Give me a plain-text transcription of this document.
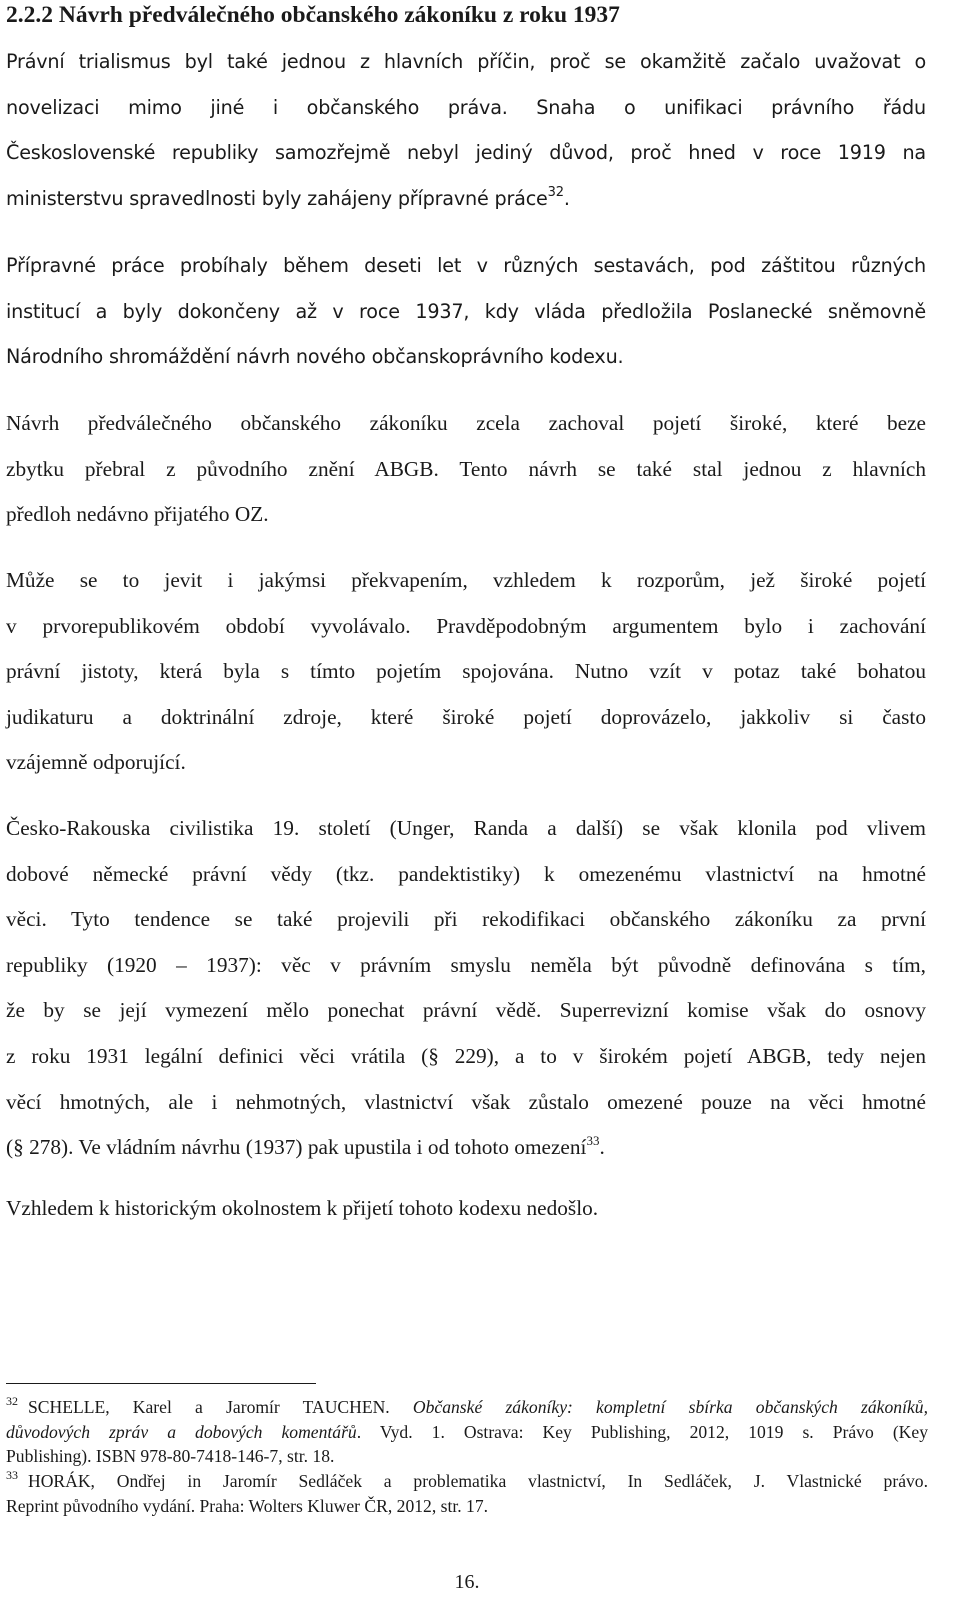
2.2.2 Návrh předválečného občanského zákoníku z roku 1937

Právní trialismus byl také jednou z hlavních příčin, proč se okamžitě začalo uvažovat o
novelizaci mimo jiné i občanského práva. Snaha o unifikaci právního řádu
Československé republiky samozřejmě nebyl jediný důvod, proč hned v roce 1919 na
ministerstvu spravedlnosti byly zahájeny přípravné práce$^{32}$.

Přípravné práce probíhaly během deseti let v různých sestavách, pod záštitou různých
institucí a byly dokončeny až v roce 1937, kdy vláda předložila Poslanecké sněmovně
Národního shromáždění návrh nového občanskoprávního kodexu.

Návrh předválečného občanského zákoníku zcela zachoval pojetí široké, které beze
zbytku přebral z původního znění ABGB. Tento návrh se také stal jednou z hlavních
předloh nedávno přijatého OZ.

Může se to jevit i jakýmsi překvapením, vzhledem k rozporům, jež široké pojetí
v prvorepublikovém období vyvolávalo. Pravděpodobným argumentem bylo i zachování
právní jistoty, která byla s tímto pojetím spojována. Nutno vzít v potaz také bohatou
judikaturu a doktrinální zdroje, které široké pojetí doprovázelo, jakkoliv si často
vzájemně odporující.

Česko-Rakouska civilistika 19. století (Unger, Randa a další) se však klonila pod vlivem
dobové německé právní vědy (tkz. pandektistiky) k omezenému vlastnictví na hmotné
věci. Tyto tendence se také projevili při rekodifikaci občanského zákoníku za první
republiky (1920 – 1937): věc v právním smyslu neměla být původně definována s tím,
že by se její vymezení mělo ponechat právní vědě. Superrevizní komise však do osnovy
z roku 1931 legální definici věci vrátila (§ 229), a to v širokém pojetí ABGB, tedy nejen
věcí hmotných, ale i nehmotných, vlastnictví však zůstalo omezené pouze na věci hmotné
(§ 278). Ve vládním návrhu (1937) pak upustila i od tohoto omezení$^{33}$.

Vzhledem k historickým okolnostem k přijetí tohoto kodexu nedošlo.

$^{32}$ SCHELLE, Karel a Jaromír TAUCHEN. Občanské zákoníky: kompletní sbírka občanských zákoníků,
důvodových zpráv a dobových komentářů. Vyd. 1. Ostrava: Key Publishing, 2012, 1019 s. Právo (Key
Publishing). ISBN 978-80-7418-146-7, str. 18.

$^{33}$ HORÁK, Ondřej in Jaromír Sedláček a problematika vlastnictví, In Sedláček, J. Vlastnické právo.
Reprint původního vydání. Praha: Wolters Kluwer ČR, 2012, str. 17.

16.
